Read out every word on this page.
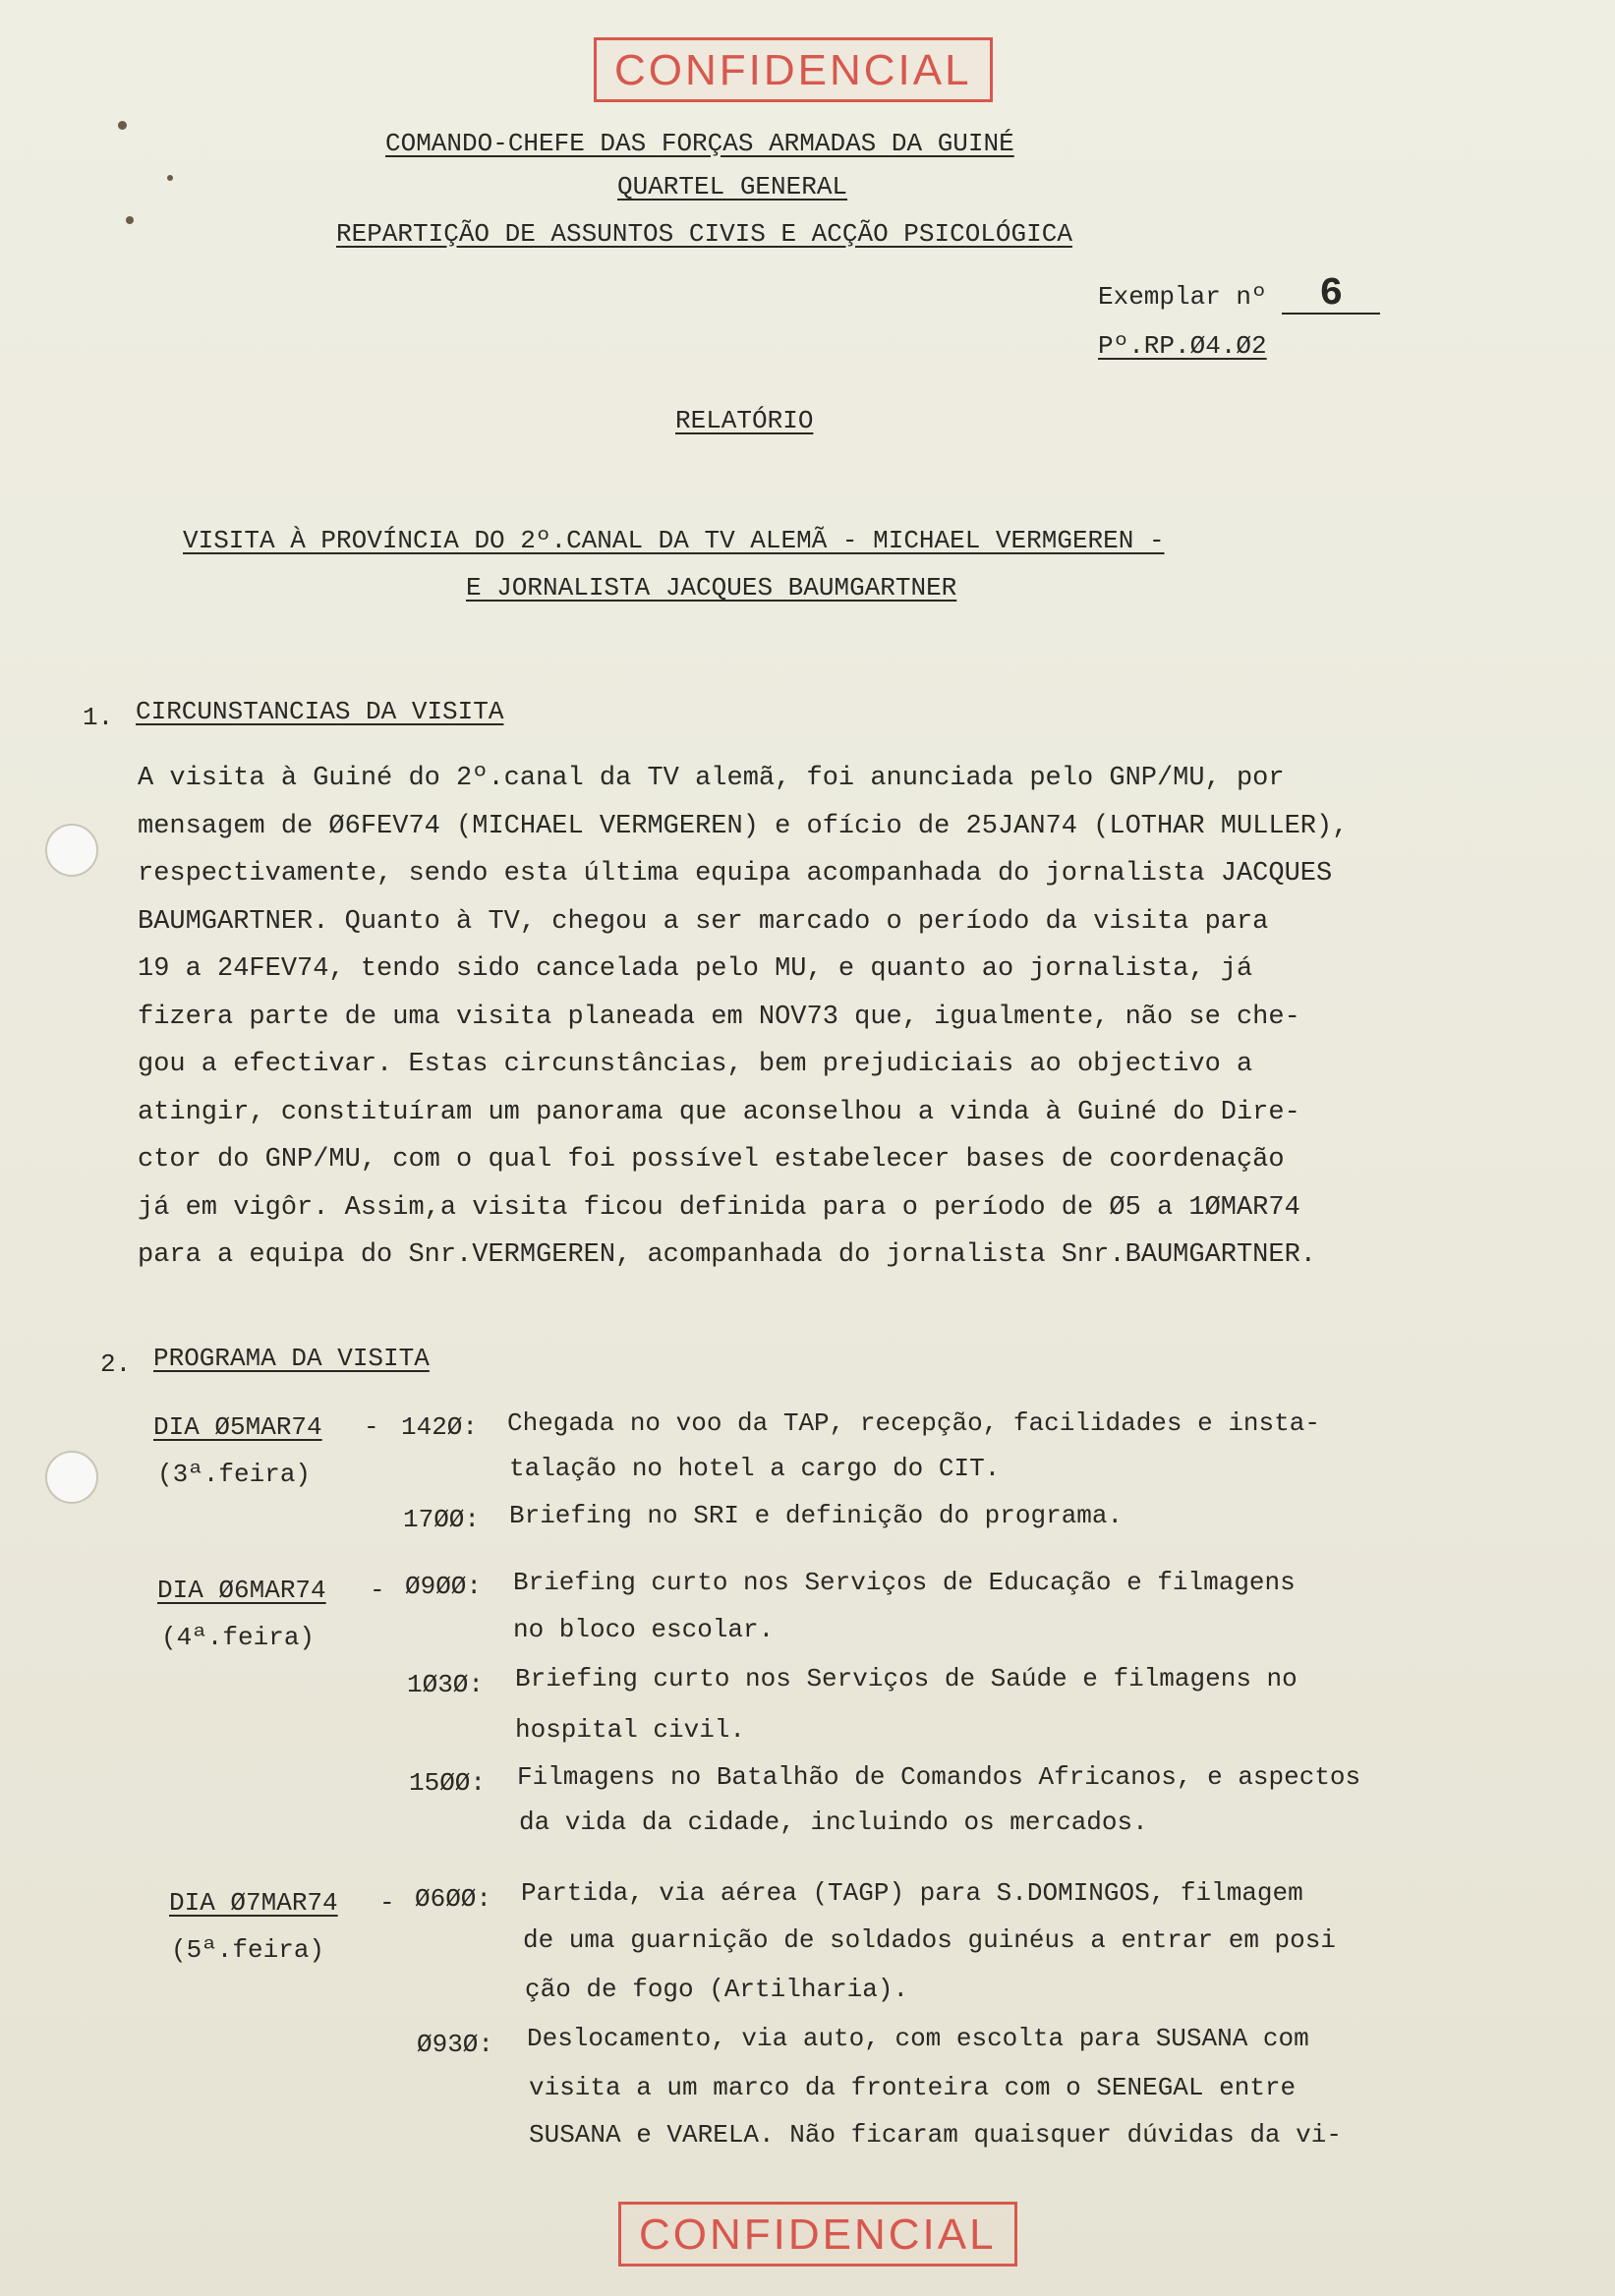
CONFIDENCIAL
COMANDO-CHEFE DAS FORÇAS ARMADAS DA GUINÉ
QUARTEL GENERAL
REPARTIÇÃO DE ASSUNTOS CIVIS E ACÇÃO PSICOLÓGICA
Exemplar nº 6
Pº.RP.Ø4.Ø2
RELATÓRIO
VISITA À PROVÍNCIA DO 2º.CANAL DA TV ALEMÃ - MICHAEL VERMGEREN -
E JORNALISTA JACQUES BAUMGARTNER
1. CIRCUNSTANCIAS DA VISITA
A visita à Guiné do 2º.canal da TV alemã, foi anunciada pelo GNP/MU, por
mensagem de Ø6FEV74 (MICHAEL VERMGEREN) e ofício de 25JAN74 (LOTHAR MULLER),
respectivamente, sendo esta última equipa acompanhada do jornalista JACQUES
BAUMGARTNER. Quanto à TV, chegou a ser marcado o período da visita para
19 a 24FEV74, tendo sido cancelada pelo MU, e quanto ao jornalista, já
fizera parte de uma visita planeada em NOV73 que, igualmente, não se che-
gou a efectivar. Estas circunstâncias, bem prejudiciais ao objectivo a
atingir, constituíram um panorama que aconselhou a vinda à Guiné do Dire-
ctor do GNP/MU, com o qual foi possível estabelecer bases de coordenação
já em vigôr. Assim,a visita ficou definida para o período de Ø5 a 1ØMAR74
para a equipa do Snr.VERMGEREN, acompanhada do jornalista Snr.BAUMGARTNER.
2. PROGRAMA DA VISITA
DIA Ø5MAR74 -
(3ª.feira)
142Ø: Chegada no voo da TAP, recepção, facilidades e insta-
talação no hotel a cargo do CIT.
17ØØ: Briefing no SRI e definição do programa.
DIA Ø6MAR74 -
(4ª.feira)
Ø9ØØ: Briefing curto nos Serviços de Educação e filmagens
no bloco escolar.
1Ø3Ø: Briefing curto nos Serviços de Saúde e filmagens no
hospital civil.
15ØØ: Filmagens no Batalhão de Comandos Africanos, e aspectos
da vida da cidade, incluindo os mercados.
DIA Ø7MAR74 -
(5ª.feira)
Ø6ØØ: Partida, via aérea (TAGP) para S.DOMINGOS, filmagem
de uma guarnição de soldados guinéus a entrar em posi
ção de fogo (Artilharia).
Ø93Ø: Deslocamento, via auto, com escolta para SUSANA com
visita a um marco da fronteira com o SENEGAL entre
SUSANA e VARELA. Não ficaram quaisquer dúvidas da vi-
CONFIDENCIAL
